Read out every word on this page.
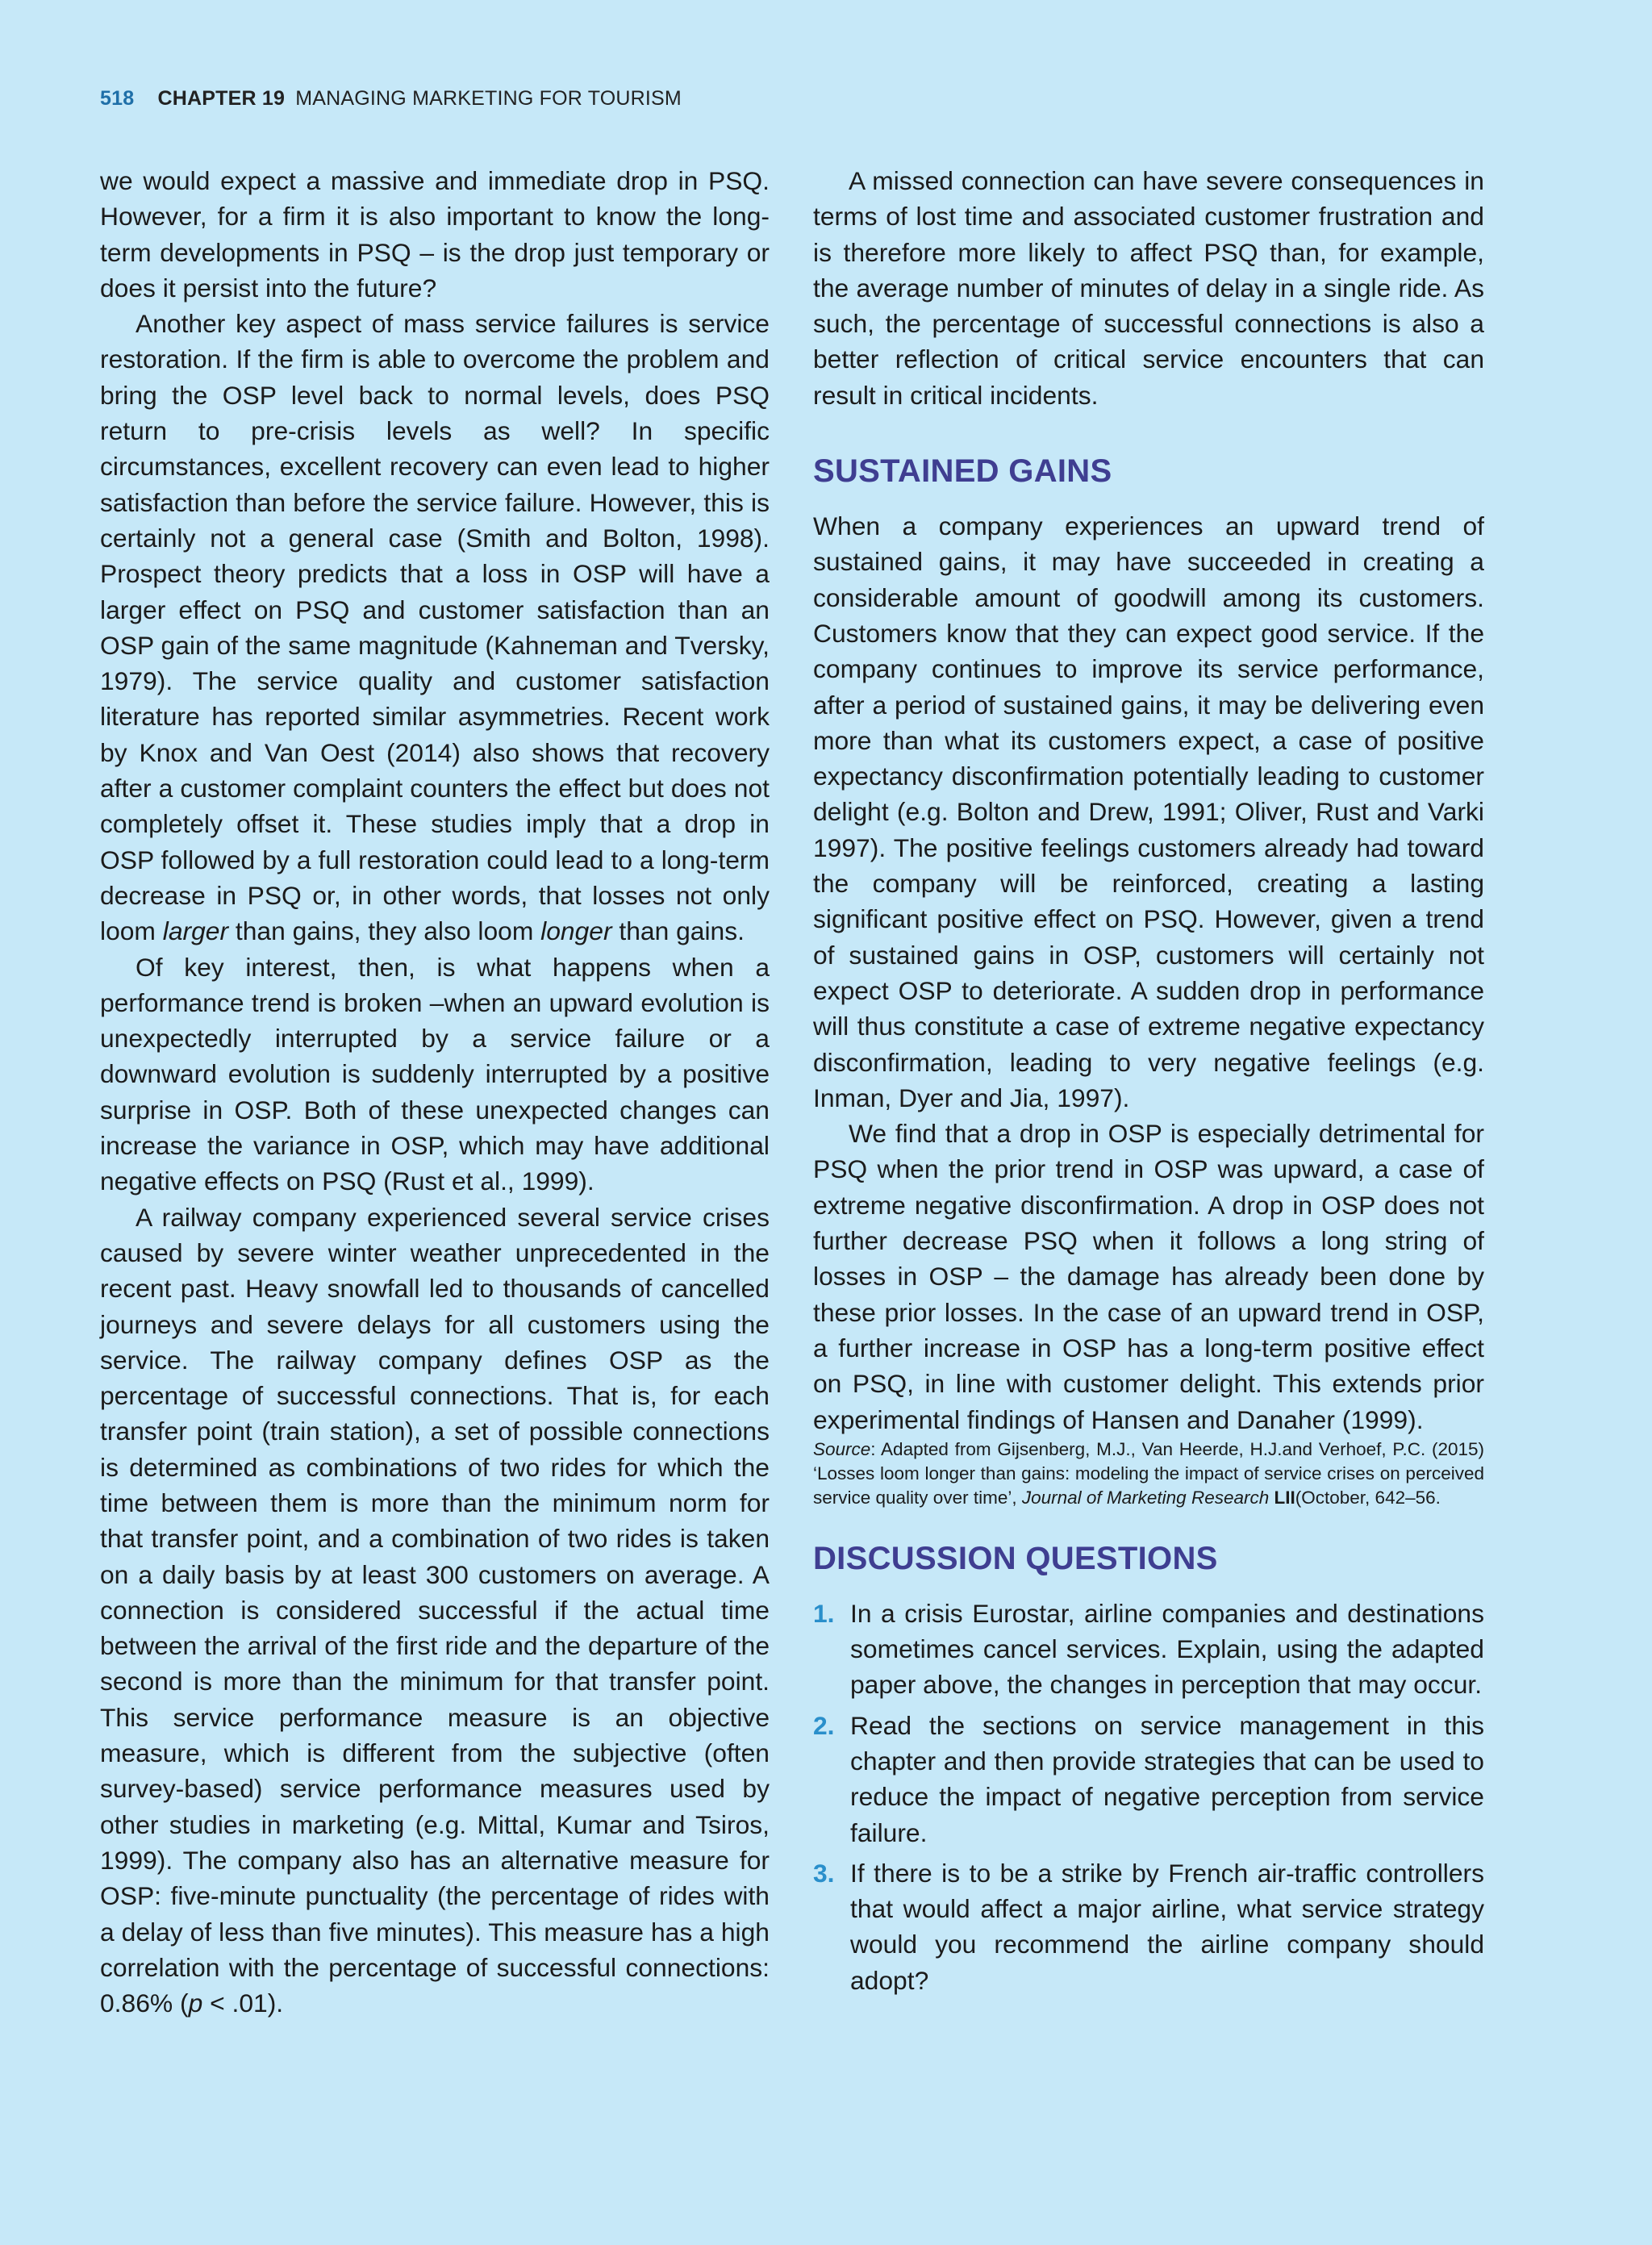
518 CHAPTER 19 MANAGING MARKETING FOR TOURISM

we would expect a massive and immediate drop in PSQ. However, for a firm it is also important to know the long-term developments in PSQ – is the drop just temporary or does it persist into the future?

Another key aspect of mass service failures is service restoration. If the firm is able to overcome the problem and bring the OSP level back to normal levels, does PSQ return to pre-crisis levels as well? In specific circumstances, excellent recovery can even lead to higher satisfaction than before the service failure. However, this is certainly not a general case (Smith and Bolton, 1998). Prospect theory predicts that a loss in OSP will have a larger effect on PSQ and customer satisfaction than an OSP gain of the same magnitude (Kahneman and Tversky, 1979). The service quality and customer satisfaction literature has reported similar asymmetries. Recent work by Knox and Van Oest (2014) also shows that recovery after a customer complaint counters the effect but does not completely offset it. These studies imply that a drop in OSP followed by a full restoration could lead to a long-term decrease in PSQ or, in other words, that losses not only loom larger than gains, they also loom longer than gains.

Of key interest, then, is what happens when a performance trend is broken –when an upward evolution is unexpectedly interrupted by a service failure or a downward evolution is suddenly interrupted by a positive surprise in OSP. Both of these unexpected changes can increase the variance in OSP, which may have additional negative effects on PSQ (Rust et al., 1999).

A railway company experienced several service crises caused by severe winter weather unprecedented in the recent past. Heavy snowfall led to thousands of cancelled journeys and severe delays for all customers using the service. The railway company defines OSP as the percentage of successful connections. That is, for each transfer point (train station), a set of possible connections is determined as combinations of two rides for which the time between them is more than the minimum norm for that transfer point, and a combination of two rides is taken on a daily basis by at least 300 customers on average. A connection is considered successful if the actual time between the arrival of the first ride and the departure of the second is more than the minimum for that transfer point. This service performance measure is an objective measure, which is different from the subjective (often survey-based) service performance measures used by other studies in marketing (e.g. Mittal, Kumar and Tsiros, 1999). The company also has an alternative measure for OSP: five-minute punctuality (the percentage of rides with a delay of less than five minutes). This measure has a high correlation with the percentage of successful connections: 0.86% (p < .01).

A missed connection can have severe consequences in terms of lost time and associated customer frustration and is therefore more likely to affect PSQ than, for example, the average number of minutes of delay in a single ride. As such, the percentage of successful connections is also a better reflection of critical service encounters that can result in critical incidents.

SUSTAINED GAINS

When a company experiences an upward trend of sustained gains, it may have succeeded in creating a considerable amount of goodwill among its customers. Customers know that they can expect good service. If the company continues to improve its service performance, after a period of sustained gains, it may be delivering even more than what its customers expect, a case of positive expectancy disconfirmation potentially leading to customer delight (e.g. Bolton and Drew, 1991; Oliver, Rust and Varki 1997). The positive feelings customers already had toward the company will be reinforced, creating a lasting significant positive effect on PSQ. However, given a trend of sustained gains in OSP, customers will certainly not expect OSP to deteriorate. A sudden drop in performance will thus constitute a case of extreme negative expectancy disconfirmation, leading to very negative feelings (e.g. Inman, Dyer and Jia, 1997).

We find that a drop in OSP is especially detrimental for PSQ when the prior trend in OSP was upward, a case of extreme negative disconfirmation. A drop in OSP does not further decrease PSQ when it follows a long string of losses in OSP – the damage has already been done by these prior losses. In the case of an upward trend in OSP, a further increase in OSP has a long-term positive effect on PSQ, in line with customer delight. This extends prior experimental findings of Hansen and Danaher (1999).

Source: Adapted from Gijsenberg, M.J., Van Heerde, H.J.and Verhoef, P.C. (2015) ‘Losses loom longer than gains: modeling the impact of service crises on perceived service quality over time’, Journal of Marketing Research LII(October, 642–56.

DISCUSSION QUESTIONS
1. In a crisis Eurostar, airline companies and destinations sometimes cancel services. Explain, using the adapted paper above, the changes in perception that may occur.
2. Read the sections on service management in this chapter and then provide strategies that can be used to reduce the impact of negative perception from service failure.
3. If there is to be a strike by French air-traffic controllers that would affect a major airline, what service strategy would you recommend the airline company should adopt?
